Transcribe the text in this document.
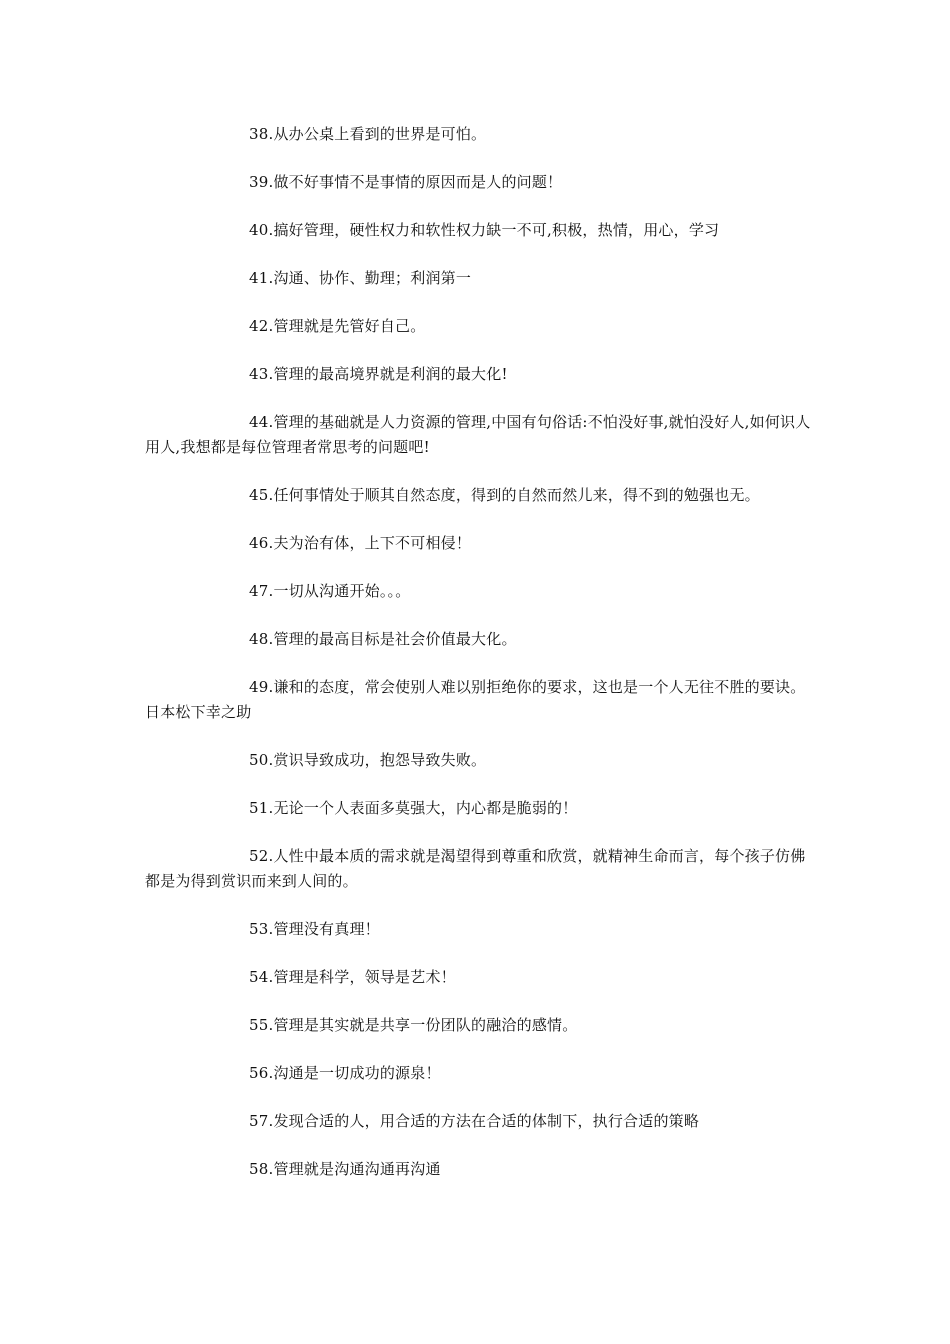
38.从办公桌上看到的世界是可怕。

39.做不好事情不是事情的原因而是人的问题！

40.搞好管理，硬性权力和软性权力缺一不可,积极，热情，用心，学习

41.沟通、协作、勤理；利润第一

42.管理就是先管好自己。

43.管理的最高境界就是利润的最大化!

44.管理的基础就是人力资源的管理,中国有句俗话:不怕没好事,就怕没好人,如何识人用人,我想都是每位管理者常思考的问题吧!

45.任何事情处于顺其自然态度，得到的自然而然儿来，得不到的勉强也无。

46.夫为治有体，上下不可相侵！

47.一切从沟通开始。。。

48.管理的最高目标是社会价值最大化。

49.谦和的态度，常会使别人难以别拒绝你的要求，这也是一个人无往不胜的要诀。日本松下幸之助

50.赏识导致成功，抱怨导致失败。

51.无论一个人表面多莫强大，内心都是脆弱的！

52.人性中最本质的需求就是渴望得到尊重和欣赏，就精神生命而言，每个孩子仿佛都是为得到赏识而来到人间的。

53.管理没有真理！

54.管理是科学，领导是艺术！

55.管理是其实就是共享一份团队的融洽的感情。

56.沟通是一切成功的源泉！

57.发现合适的人，用合适的方法在合适的体制下，执行合适的策略

58.管理就是沟通沟通再沟通
